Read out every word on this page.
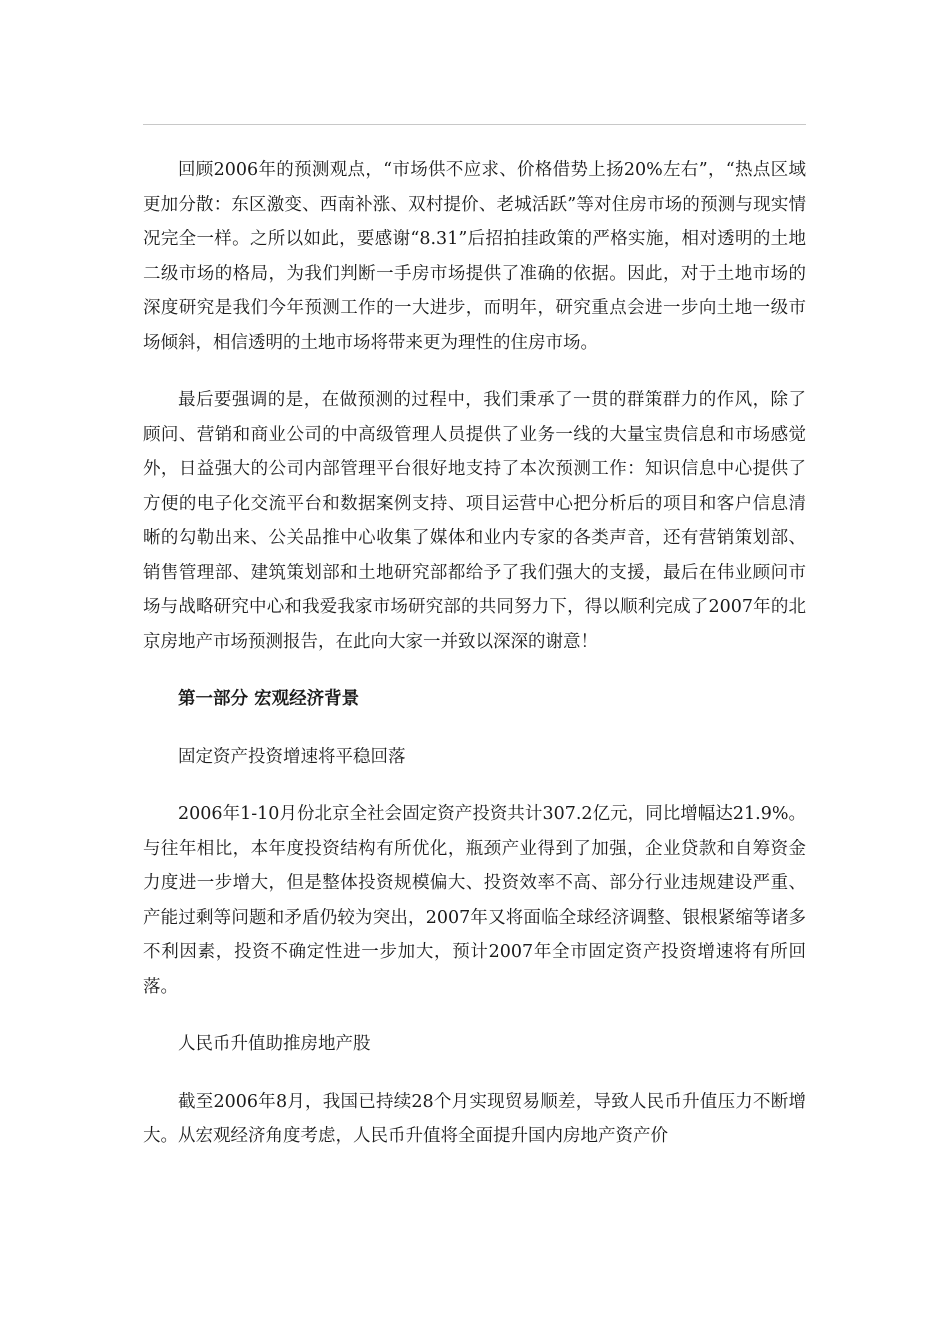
回顾2006年的预测观点，“市场供不应求、价格借势上扬20%左右”，“热点区域更加分散：东区激变、西南补涨、双村提价、老城活跃”等对住房市场的预测与现实情况完全一样。之所以如此，要感谢“8.31”后招拍挂政策的严格实施，相对透明的土地二级市场的格局，为我们判断一手房市场提供了准确的依据。因此，对于土地市场的深度研究是我们今年预测工作的一大进步，而明年，研究重点会进一步向土地一级市场倾斜，相信透明的土地市场将带来更为理性的住房市场。

最后要强调的是，在做预测的过程中，我们秉承了一贯的群策群力的作风，除了顾问、营销和商业公司的中高级管理人员提供了业务一线的大量宝贵信息和市场感觉外，日益强大的公司内部管理平台很好地支持了本次预测工作：知识信息中心提供了方便的电子化交流平台和数据案例支持、项目运营中心把分析后的项目和客户信息清晰的勾勒出来、公关品推中心收集了媒体和业内专家的各类声音，还有营销策划部、销售管理部、建筑策划部和土地研究部都给予了我们强大的支援，最后在伟业顾问市场与战略研究中心和我爱我家市场研究部的共同努力下，得以顺利完成了2007年的北京房地产市场预测报告，在此向大家一并致以深深的谢意！

第一部分 宏观经济背景

固定资产投资增速将平稳回落

2006年1-10月份北京全社会固定资产投资共计307.2亿元，同比增幅达21.9%。与往年相比，本年度投资结构有所优化，瓶颈产业得到了加强，企业贷款和自筹资金力度进一步增大，但是整体投资规模偏大、投资效率不高、部分行业违规建设严重、产能过剩等问题和矛盾仍较为突出，2007年又将面临全球经济调整、银根紧缩等诸多不利因素，投资不确定性进一步加大，预计2007年全市固定资产投资增速将有所回落。

人民币升值助推房地产股

截至2006年8月，我国已持续28个月实现贸易顺差，导致人民币升值压力不断增大。从宏观经济角度考虑，人民币升值将全面提升国内房地产资产价
